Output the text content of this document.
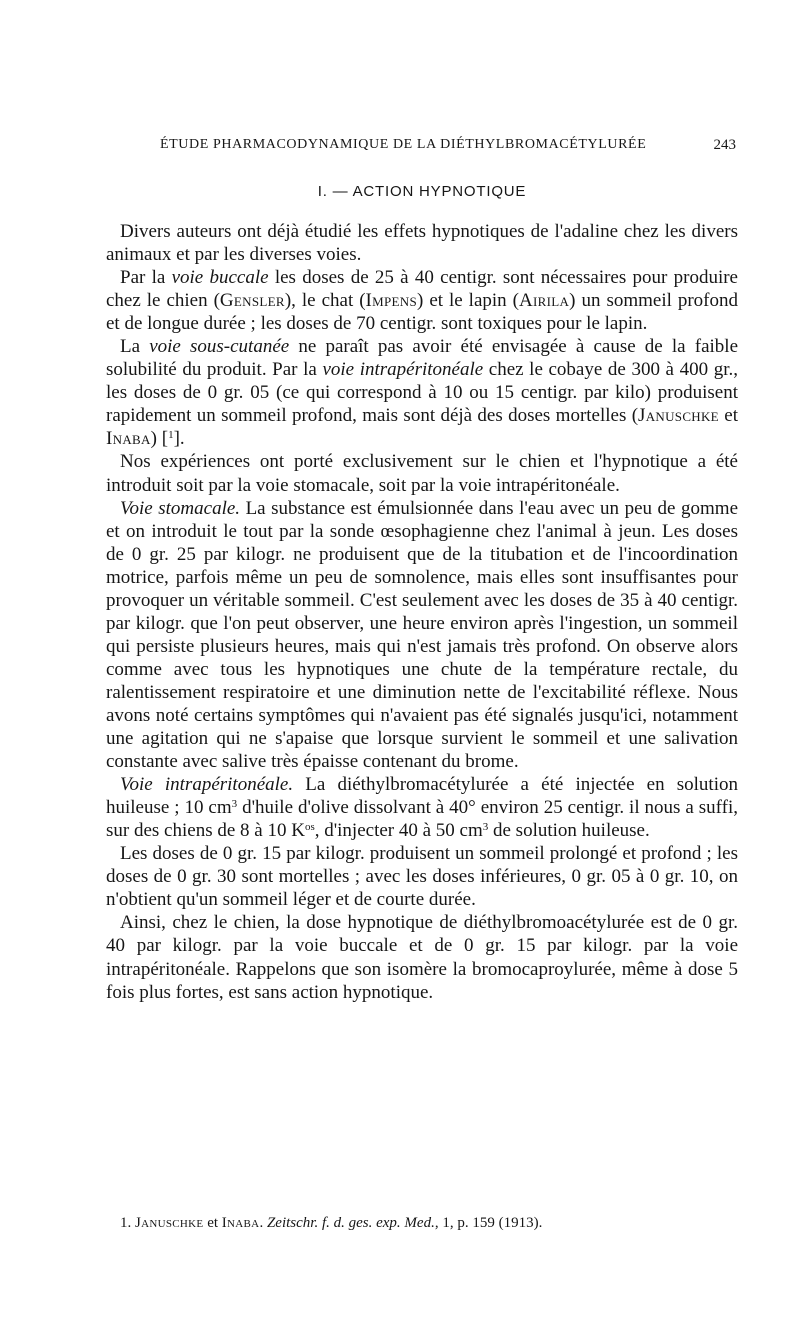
ÉTUDE PHARMACODYNAMIQUE DE LA DIÉTHYLBROMACÉTYLURÉE	243
I. — ACTION HYPNOTIQUE

Divers auteurs ont déjà étudié les effets hypnotiques de l'adaline chez les divers animaux et par les diverses voies.

Par la voie buccale les doses de 25 à 40 centigr. sont nécessaires pour produire chez le chien (Gensler), le chat (Impens) et le lapin (Airila) un sommeil profond et de longue durée ; les doses de 70 centigr. sont toxiques pour le lapin.

La voie sous-cutanée ne paraît pas avoir été envisagée à cause de la faible solubilité du produit. Par la voie intrapéritonéale chez le cobaye de 300 à 400 gr., les doses de 0 gr. 05 (ce qui correspond à 10 ou 15 centigr. par kilo) produisent rapidement un sommeil profond, mais sont déjà des doses mortelles (Januschke et Inaba) [$^1$].

Nos expériences ont porté exclusivement sur le chien et l'hypnotique a été introduit soit par la voie stomacale, soit par la voie intrapéritonéale.

Voie stomacale. La substance est émulsionnée dans l'eau avec un peu de gomme et on introduit le tout par la sonde œsophagienne chez l'animal à jeun. Les doses de 0 gr. 25 par kilogr. ne produisent que de la titubation et de l'incoordination motrice, parfois même un peu de somnolence, mais elles sont insuffisantes pour provoquer un véritable sommeil. C'est seulement avec les doses de 35 à 40 centigr. par kilogr. que l'on peut observer, une heure environ après l'ingestion, un sommeil qui persiste plusieurs heures, mais qui n'est jamais très profond. On observe alors comme avec tous les hypnotiques une chute de la température rectale, du ralentissement respiratoire et une diminution nette de l'excitabilité réflexe. Nous avons noté certains symptômes qui n'avaient pas été signalés jusqu'ici, notamment une agitation qui ne s'apaise que lorsque survient le sommeil et une salivation constante avec salive très épaisse contenant du brome.

Voie intrapéritonéale. La diéthylbromacétylurée a été injectée en solution huileuse ; 10 $cm^3$ d'huile d'olive dissolvant à 40° environ 25 centigr. il nous a suffi, sur des chiens de 8 à 10 $K^{os}$, d'injecter 40 à 50 $cm^3$ de solution huileuse.

Les doses de 0 gr. 15 par kilogr. produisent un sommeil prolongé et profond ; les doses de 0 gr. 30 sont mortelles ; avec les doses inférieures, 0 gr. 05 à 0 gr. 10, on n'obtient qu'un sommeil léger et de courte durée.

Ainsi, chez le chien, la dose hypnotique de diéthylbromoacétylurée est de 0 gr. 40 par kilogr. par la voie buccale et de 0 gr. 15 par kilogr. par la voie intrapéritonéale. Rappelons que son isomère la bromocaproylurée, même à dose 5 fois plus fortes, est sans action hypnotique.

1. Januschke et Inaba. Zeitschr. f. d. ges. exp. Med., 1, p. 159 (1913).
